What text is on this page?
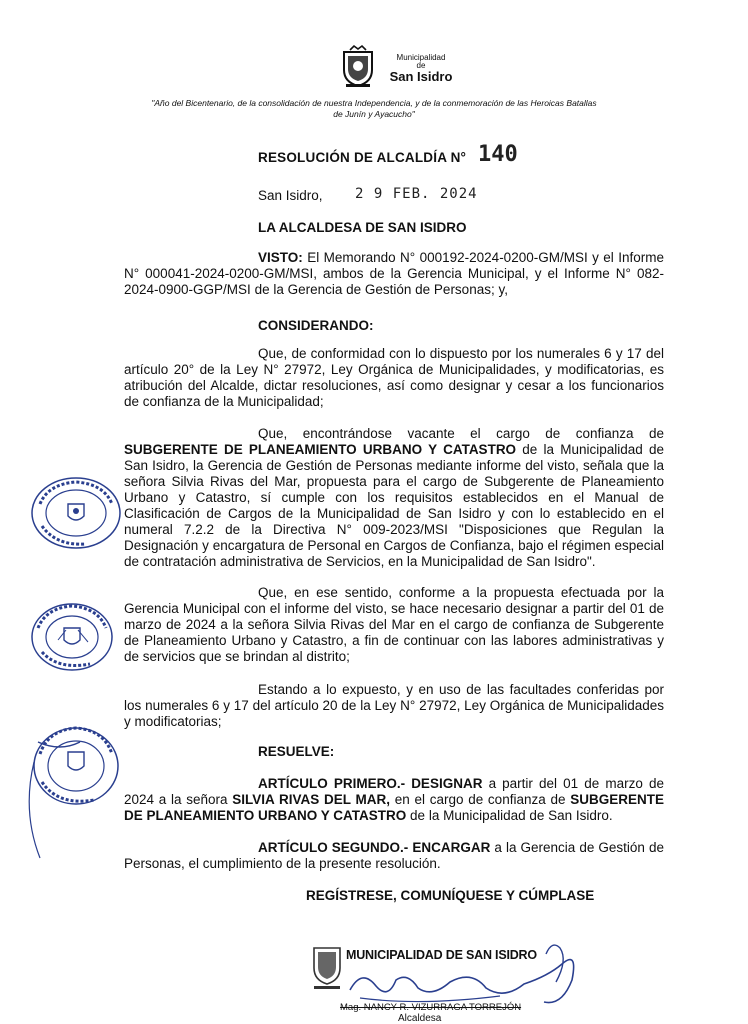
Municipalidad
de
San Isidro
"Año del Bicentenario, de la consolidación de nuestra Independencia, y de la conmemoración de las Heroicas Batallas de Junín y Ayacucho"
RESOLUCIÓN DE ALCALDÍA N° 140
San Isidro, 2 9 FEB. 2024
LA ALCALDESA DE SAN ISIDRO
VISTO: El Memorando N° 000192-2024-0200-GM/MSI y el Informe N° 000041-2024-0200-GM/MSI, ambos de la Gerencia Municipal, y el Informe N° 082-2024-0900-GGP/MSI de la Gerencia de Gestión de Personas; y,
CONSIDERANDO:
Que, de conformidad con lo dispuesto por los numerales 6 y 17 del artículo 20° de la Ley N° 27972, Ley Orgánica de Municipalidades, y modificatorias, es atribución del Alcalde, dictar resoluciones, así como designar y cesar a los funcionarios de confianza de la Municipalidad;
Que, encontrándose vacante el cargo de confianza de SUBGERENTE DE PLANEAMIENTO URBANO Y CATASTRO de la Municipalidad de San Isidro, la Gerencia de Gestión de Personas mediante informe del visto, señala que la señora Silvia Rivas del Mar, propuesta para el cargo de Subgerente de Planeamiento Urbano y Catastro, sí cumple con los requisitos establecidos en el Manual de Clasificación de Cargos de la Municipalidad de San Isidro y con lo establecido en el numeral 7.2.2 de la Directiva N° 009-2023/MSI "Disposiciones que Regulan la Designación y encargatura de Personal en Cargos de Confianza, bajo el régimen especial de contratación administrativa de Servicios, en la Municipalidad de San Isidro".
Que, en ese sentido, conforme a la propuesta efectuada por la Gerencia Municipal con el informe del visto, se hace necesario designar a partir del 01 de marzo de 2024 a la señora Silvia Rivas del Mar en el cargo de confianza de Subgerente de Planeamiento Urbano y Catastro, a fin de continuar con las labores administrativas y de servicios que se brindan al distrito;
Estando a lo expuesto, y en uso de las facultades conferidas por los numerales 6 y 17 del artículo 20 de la Ley N° 27972, Ley Orgánica de Municipalidades y modificatorias;
RESUELVE:
ARTÍCULO PRIMERO.- DESIGNAR a partir del 01 de marzo de 2024 a la señora SILVIA RIVAS DEL MAR, en el cargo de confianza de SUBGERENTE DE PLANEAMIENTO URBANO Y CATASTRO de la Municipalidad de San Isidro.
ARTÍCULO SEGUNDO.- ENCARGAR a la Gerencia de Gestión de Personas, el cumplimiento de la presente resolución.
REGÍSTRESE, COMUNÍQUESE Y CÚMPLASE
MUNICIPALIDAD DE SAN ISIDRO
Mag. NANCY R. VIZURRAGA TORREJÓN
Alcaldesa
